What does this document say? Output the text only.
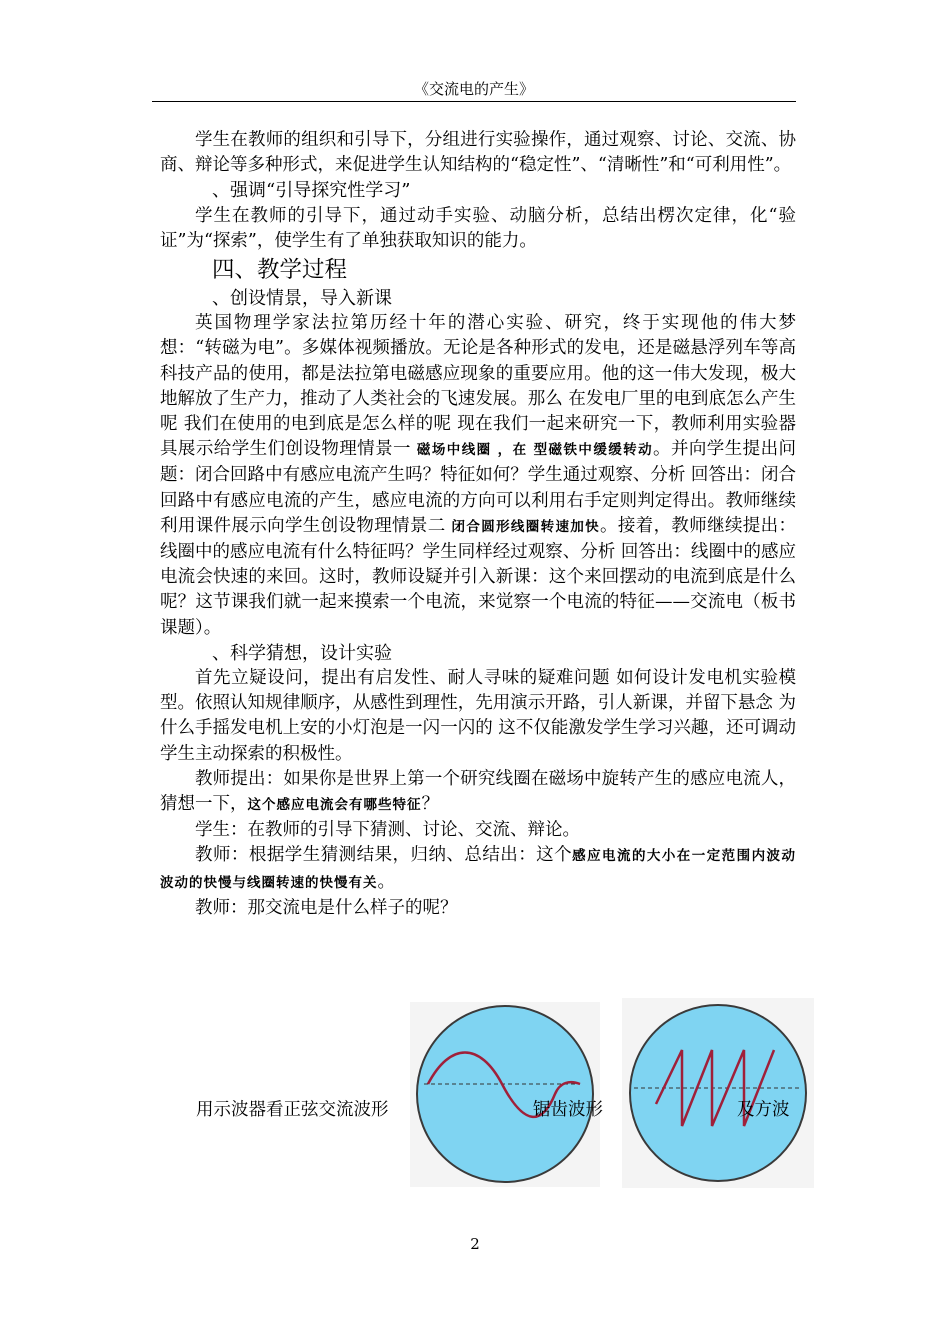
《交流电的产生》

学生在教师的组织和引导下，分组进行实验操作，通过观察、讨论、交流、协商、辩论等多种形式，来促进学生认知结构的“稳定性”、“清晰性”和“可利用性”。

、强调“引导探究性学习”

学生在教师的引导下，通过动手实验、动脑分析，总结出楞次定律，化“验证”为“探索”，使学生有了单独获取知识的能力。

四、教学过程

、创设情景，导入新课

英国物理学家法拉第历经十年的潜心实验、研究，终于实现他的伟大梦想：“转磁为电”。多媒体视频播放。无论是各种形式的发电，还是磁悬浮列车等高科技产品的使用，都是法拉第电磁感应现象的重要应用。他的这一伟大发现，极大地解放了生产力，推动了人类社会的飞速发展。那么 在发电厂里的电到底怎么产生呢 我们在使用的电到底是怎么样的呢 现在我们一起来研究一下，教师利用实验器具展示给学生们创设物理情景一 磁场中线圈 ，在 型磁铁中缓缓转动。并向学生提出问题：闭合回路中有感应电流产生吗？特征如何？学生通过观察、分析 回答出：闭合回路中有感应电流的产生，感应电流的方向可以利用右手定则判定得出。教师继续利用课件展示向学生创设物理情景二 闭合圆形线圈转速加快。接着，教师继续提出：线圈中的感应电流有什么特征吗？学生同样经过观察、分析 回答出：线圈中的感应电流会快速的来回。这时，教师设疑并引入新课：这个来回摆动的电流到底是什么呢？这节课我们就一起来摸索一个电流，来觉察一个电流的特征——交流电（板书课题）。

、科学猜想，设计实验

首先立疑设问，提出有启发性、耐人寻味的疑难问题 如何设计发电机实验模型。依照认知规律顺序，从感性到理性，先用演示开路，引人新课，并留下悬念 为什么手摇发电机上安的小灯泡是一闪一闪的 这不仅能激发学生学习兴趣，还可调动学生主动探索的积极性。

教师提出：如果你是世界上第一个研究线圈在磁场中旋转产生的感应电流人，猜想一下，这个感应电流会有哪些特征？

学生：在教师的引导下猜测、讨论、交流、辩论。

教师：根据学生猜测结果，归纳、总结出：这个感应电流的大小在一定范围内波动 波动的快慢与线圈转速的快慢有关。

教师：那交流电是什么样子的呢？

用示波器看正弦交流波形	锯齿波形	及方波
2
